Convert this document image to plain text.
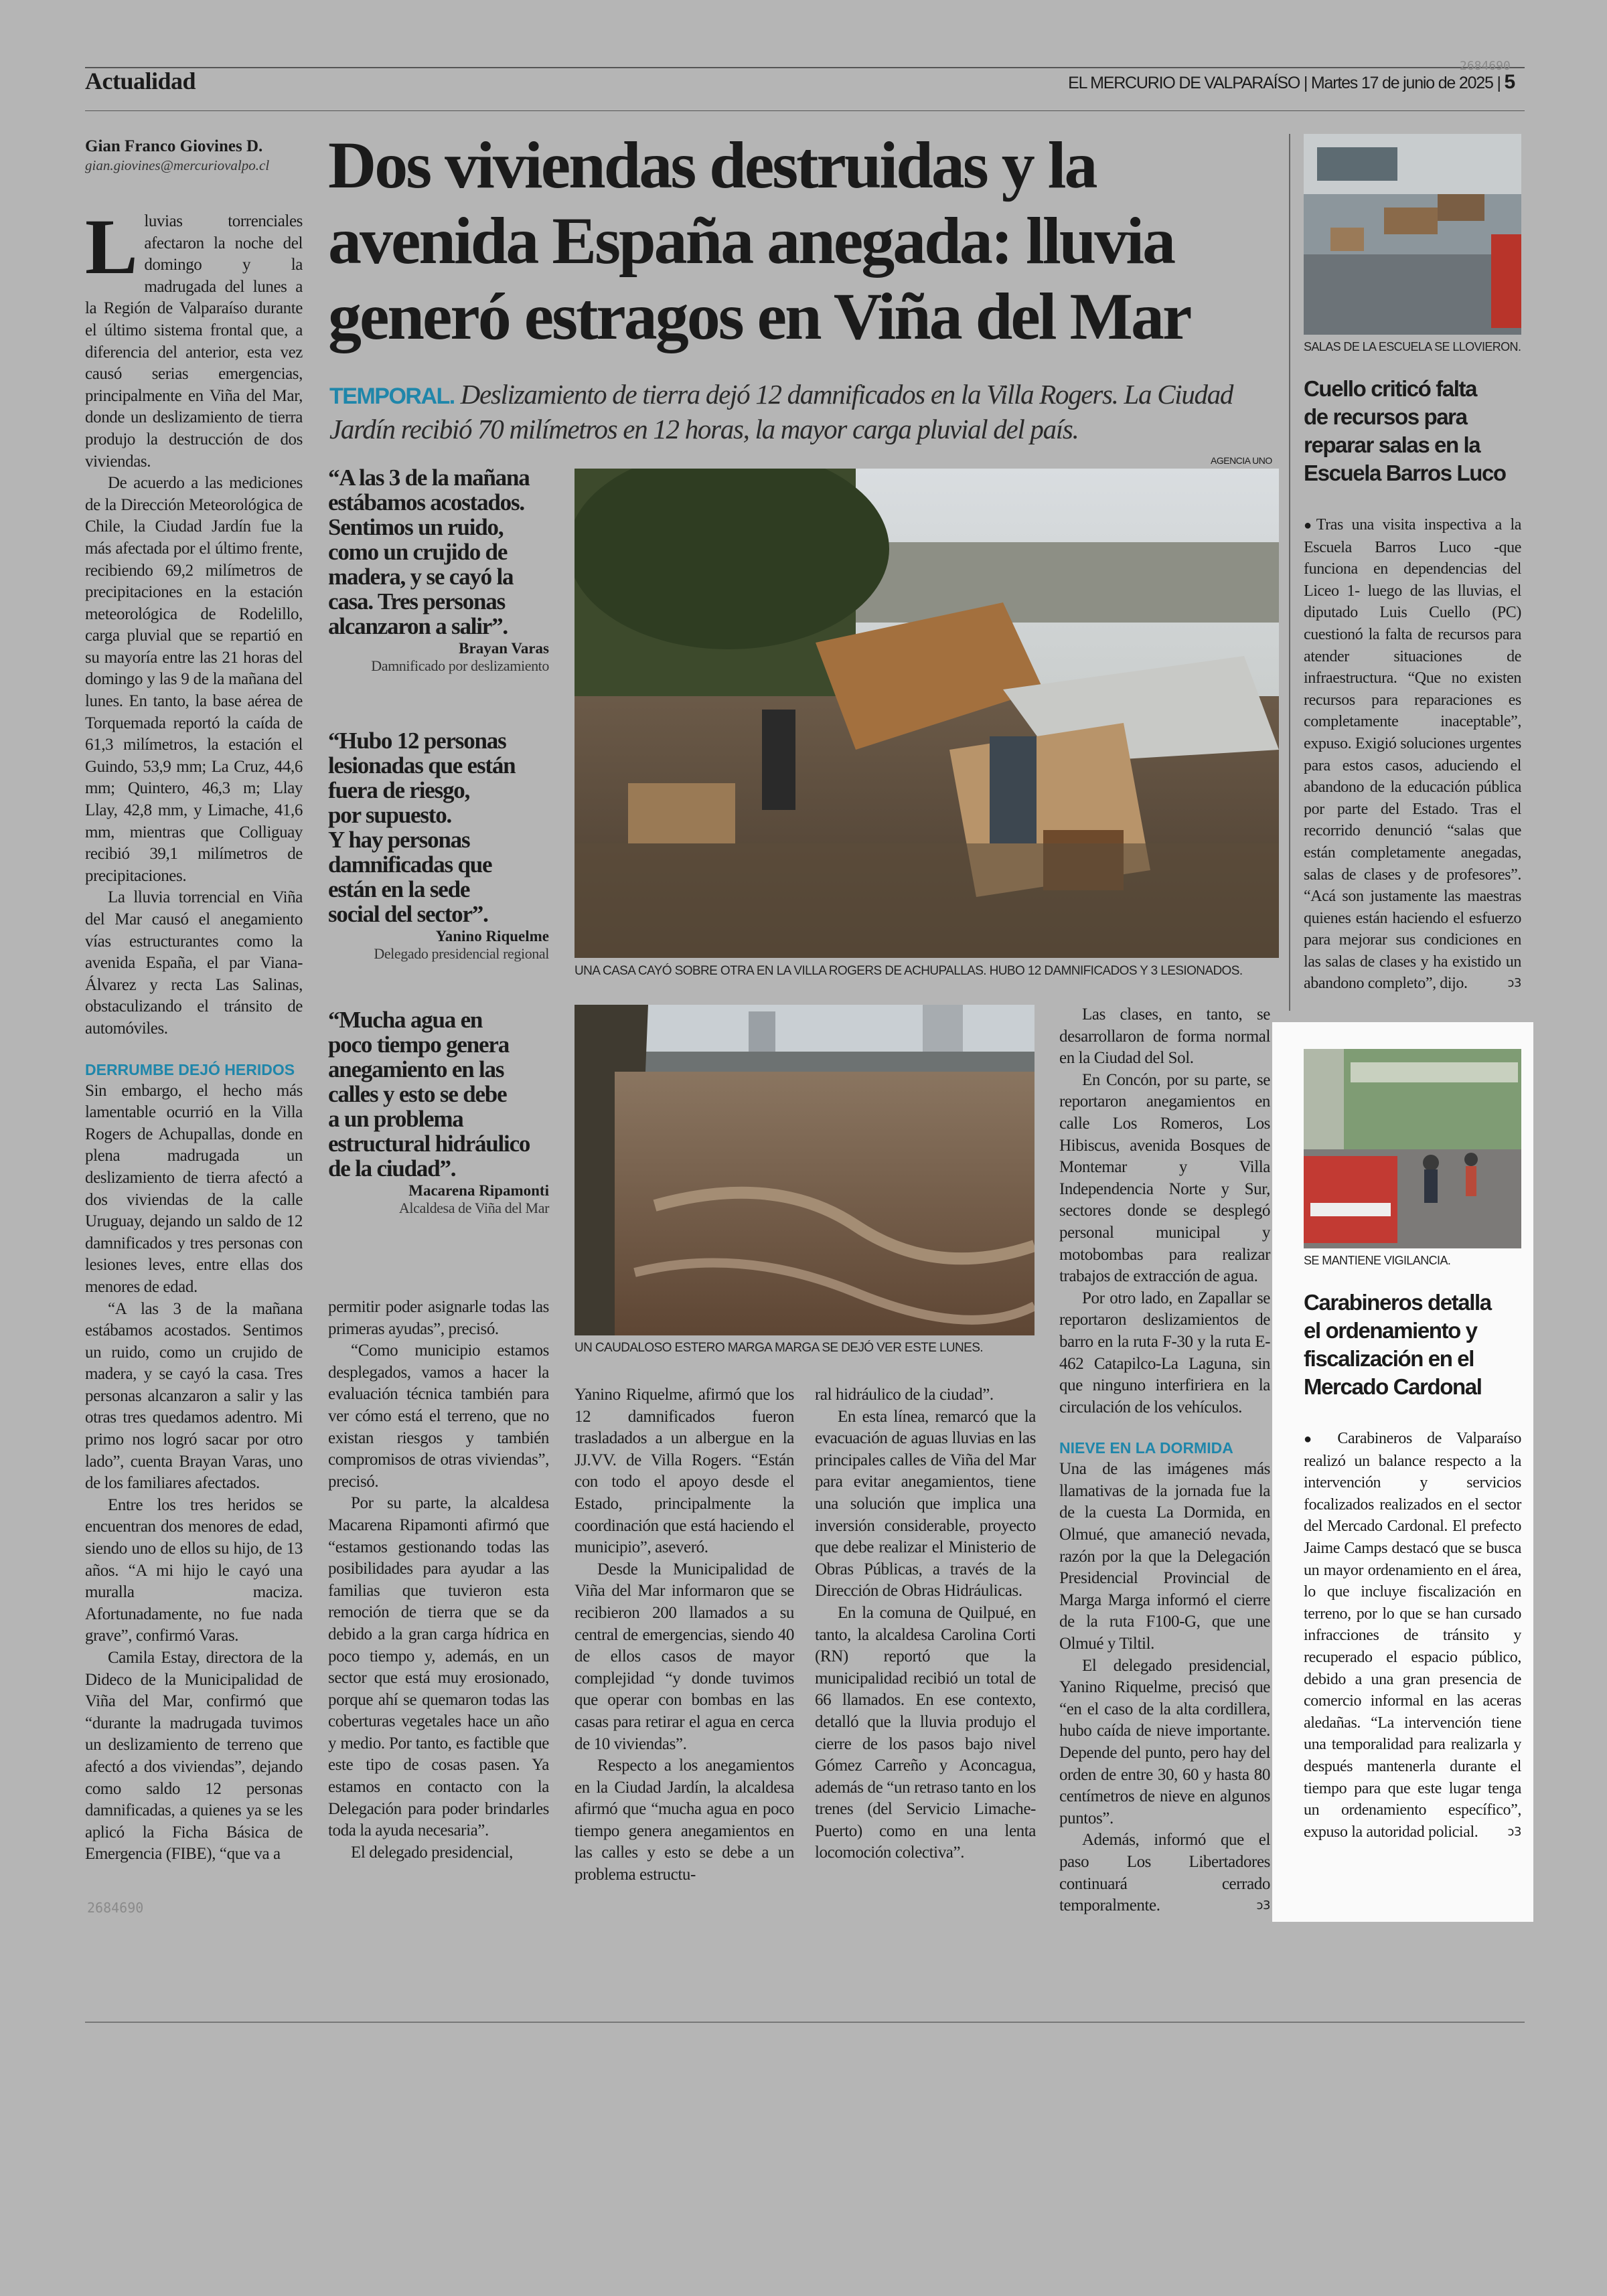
Actualidad	EL MERCURIO DE VALPARAÍSO | Martes 17 de junio de 2025 | 5
2684690
Gian Franco Giovines D.
gian.giovines@mercuriovalpo.cl Dos viviendas destruidas y la
avenida España anegada: lluvia
generó estragos en Viña del Mar
TEMPORAL. Deslizamiento de tierra dejó 12 damnificados en la Villa Rogers. La Ciudad Jardín recibió 70 milímetros en 12 horas, la mayor carga pluvial del país.
AGENCIA UNO

Lluvias torrenciales afectaron la noche del domingo y la madrugada del lunes a la Región de Valparaíso durante el último sistema frontal que, a diferencia del anterior, esta vez causó serias emergencias, principalmente en Viña del Mar, donde un deslizamiento de tierra produjo la destrucción de dos viviendas.

De acuerdo a las mediciones de la Dirección Meteorológica de Chile, la Ciudad Jardín fue la más afectada por el último frente, recibiendo 69,2 milímetros de precipitaciones en la estación meteorológica de Rodelillo, carga pluvial que se repartió en su mayoría entre las 21 horas del domingo y las 9 de la mañana del lunes. En tanto, la base aérea de Torquemada reportó la caída de 61,3 milímetros, la estación el Guindo, 53,9 mm; La Cruz, 44,6 mm; Quintero, 46,3 m; Llay Llay, 42,8 mm, y Limache, 41,6 mm, mientras que Colliguay recibió 39,1 milímetros de precipitaciones.

La lluvia torrencial en Viña del Mar causó el anegamiento vías estructurantes como la avenida España, el par Viana-Álvarez y recta Las Salinas, obstaculizando el tránsito de automóviles.

DERRUMBE DEJÓ HERIDOS

Sin embargo, el hecho más lamentable ocurrió en la Villa Rogers de Achupallas, donde en plena madrugada un deslizamiento de tierra afectó a dos viviendas de la calle Uruguay, dejando un saldo de 12 damnificados y tres personas con lesiones leves, entre ellas dos menores de edad.

“A las 3 de la mañana estábamos acostados. Sentimos un ruido, como un crujido de madera, y se cayó la casa. Tres personas alcanzaron a salir y las otras tres quedamos adentro. Mi primo nos logró sacar por otro lado”, cuenta Brayan Varas, uno de los familiares afectados.

Entre los tres heridos se encuentran dos menores de edad, siendo uno de ellos su hijo, de 13 años. “A mi hijo le cayó una muralla maciza. Afortunadamente, no fue nada grave”, confirmó Varas.

Camila Estay, directora de la Dideco de la Municipalidad de Viña del Mar, confirmó que “durante la madrugada tuvimos un deslizamiento de terreno que afectó a dos viviendas”, dejando como saldo 12 personas damnificadas, a quienes ya se les aplicó la Ficha Básica de Emergencia (FIBE), “que va a

2684690
“A las 3 de la mañana
estábamos acostados.
Sentimos un ruido,
como un crujido de
madera, y se cayó la
casa. Tres personas
alcanzaron a salir”.
Brayan Varas
Damnificado por deslizamiento
“Hubo 12 personas
lesionadas que están
fuera de riesgo,
por supuesto.
Y hay personas
damnificadas que
están en la sede
social del sector”.
Yanino Riquelme
Delegado presidencial regional
“Mucha agua en
poco tiempo genera
anegamiento en las
calles y esto se debe
a un problema
estructural hidráulico
de la ciudad”.
Macarena Ripamonti
Alcaldesa de Viña del Mar
UNA CASA CAYÓ SOBRE OTRA EN LA VILLA ROGERS DE ACHUPALLAS. HUBO 12 DAMNIFICADOS Y 3 LESIONADOS.
UN CAUDALOSO ESTERO MARGA MARGA SE DEJÓ VER ESTE LUNES.

permitir poder asignarle todas las primeras ayudas”, precisó.

“Como municipio estamos desplegados, vamos a hacer la evaluación técnica también para ver cómo está el terreno, que no existan riesgos y también compromisos de otras viviendas”, precisó.

Por su parte, la alcaldesa Macarena Ripamonti afirmó que “estamos gestionando todas las posibilidades para ayudar a las familias que tuvieron esta remoción de tierra que se da debido a la gran carga hídrica en poco tiempo y, además, en un sector que está muy erosionado, porque ahí se quemaron todas las coberturas vegetales hace un año y medio. Por tanto, es factible que este tipo de cosas pasen. Ya estamos en contacto con la Delegación para poder brindarles toda la ayuda necesaria”.

El delegado presidencial,

Yanino Riquelme, afirmó que los 12 damnificados fueron trasladados a un albergue en la JJ.VV. de Villa Rogers. “Están con todo el apoyo desde el Estado, principalmente la coordinación que está haciendo el municipio”, aseveró.

Desde la Municipalidad de Viña del Mar informaron que se recibieron 200 llamados a su central de emergencias, siendo 40 de ellos casos de mayor complejidad “y donde tuvimos que operar con bombas en las casas para retirar el agua en cerca de 10 viviendas”.

Respecto a los anegamientos en la Ciudad Jardín, la alcaldesa afirmó que “mucha agua en poco tiempo genera anegamientos en las calles y esto se debe a un problema estructu-

ral hidráulico de la ciudad”.

En esta línea, remarcó que la evacuación de aguas lluvias en las principales calles de Viña del Mar para evitar anegamientos, tiene una solución que implica una inversión considerable, proyecto que debe realizar el Ministerio de Obras Públicas, a través de la Dirección de Obras Hidráulicas.

En la comuna de Quilpué, en tanto, la alcaldesa Carolina Corti (RN) reportó que la municipalidad recibió un total de 66 llamados. En ese contexto, detalló que la lluvia produjo el cierre de los pasos bajo nivel Gómez Carreño y Aconcagua, además de “un retraso tanto en los trenes (del Servicio Limache-Puerto) como en una lenta locomoción colectiva”.

Las clases, en tanto, se desarrollaron de forma normal en la Ciudad del Sol.

En Concón, por su parte, se reportaron anegamientos en calle Los Romeros, Los Hibiscus, avenida Bosques de Montemar y Villa Independencia Norte y Sur, sectores donde se desplegó personal municipal y motobombas para realizar trabajos de extracción de agua.

Por otro lado, en Zapallar se reportaron deslizamientos de barro en la ruta F-30 y la ruta E-462 Catapilco-La Laguna, sin que ninguno interfiriera en la circulación de los vehículos.

NIEVE EN LA DORMIDA

Una de las imágenes más llamativas de la jornada fue la de la cuesta La Dormida, en Olmué, que amaneció nevada, razón por la que la Delegación Presidencial Provincial de Marga Marga informó el cierre de la ruta F100-G, que une Olmué y Tiltil.

El delegado presidencial, Yanino Riquelme, precisó que “en el caso de la alta cordillera, hubo caída de nieve importante. Depende del punto, pero hay del orden de entre 30, 60 y hasta 80 centímetros de nieve en algunos puntos”.

Además, informó que el paso Los Libertadores continuará cerrado temporalmente.	ↄ3

SALAS DE LA ESCUELA SE LLOVIERON.
Cuello criticó falta
de recursos para
reparar salas en la
Escuela Barros Luco
●Tras una visita inspectiva a la Escuela Barros Luco -que funciona en dependencias del Liceo 1- luego de las lluvias, el diputado Luis Cuello (PC) cuestionó la falta de recursos para atender situaciones de infraestructura. “Que no existen recursos para reparaciones es completamente inaceptable”, expuso. Exigió soluciones urgentes para estos casos, aduciendo el abandono de la educación pública por parte del Estado. Tras el recorrido denunció “salas que están completamente anegadas, salas de clases y de profesores”. “Acá son justamente las maestras quienes están haciendo el esfuerzo para mejorar sus condiciones en las salas de clases y ha existido un abandono completo”, dijo.	ↄ3
SE MANTIENE VIGILANCIA.
Carabineros detalla
el ordenamiento y
fiscalización en el
Mercado Cardonal
● Carabineros de Valparaíso realizó un balance respecto a la intervención y servicios focalizados realizados en el sector del Mercado Cardonal. El prefecto Jaime Camps destacó que se busca un mayor ordenamiento en el área, lo que incluye fiscalización en terreno, por lo que se han cursado infracciones de tránsito y recuperado el espacio público, debido a una gran presencia de comercio informal en las aceras aledañas. “La intervención tiene una temporalidad para realizarla y después mantenerla durante el tiempo para que este lugar tenga un ordenamiento específico”, expuso la autoridad policial. ↄ3
